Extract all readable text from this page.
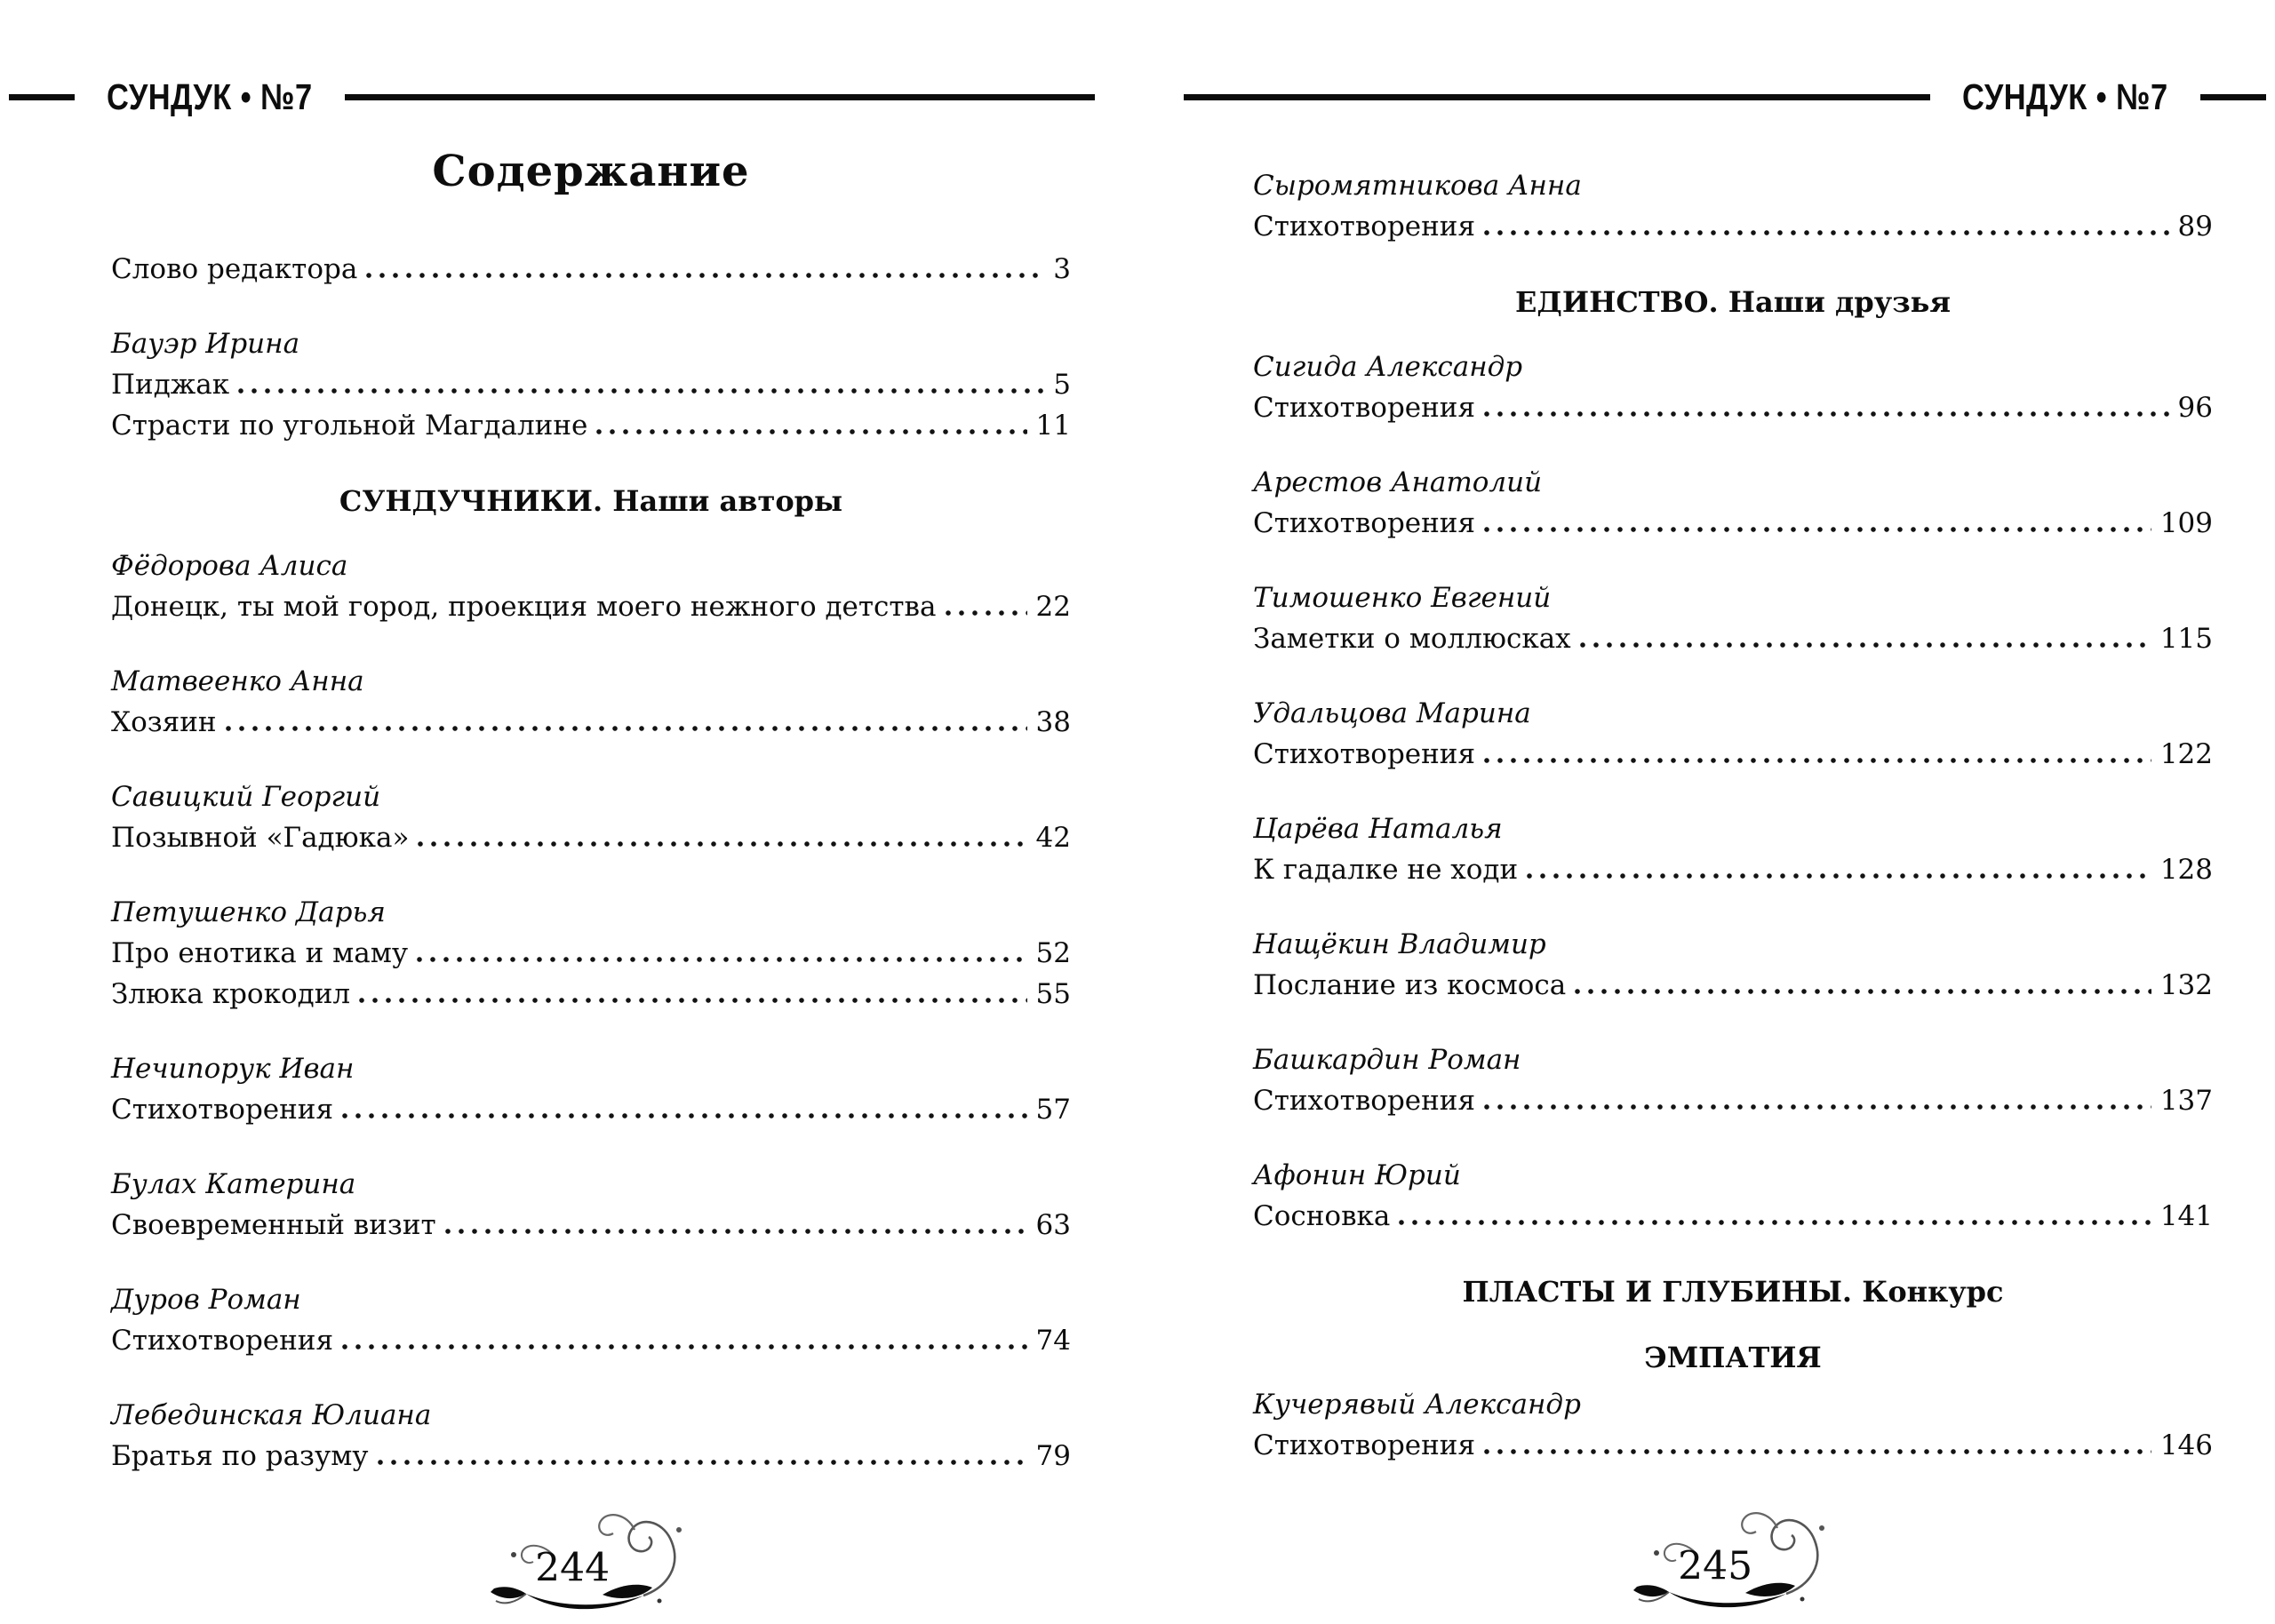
СУНДУК • №7
Содержание
Слово редактора	3
Бауэр Ирина
Пиджак	5
Страсти по угольной Магдалине	11
СУНДУЧНИКИ. Наши авторы
Фёдорова Алиса
Донецк, ты мой город, проекция моего нежного детства	22
Матвеенко Анна
Хозяин	38
Савицкий Георгий
Позывной «Гадюка»	42
Петушенко Дарья
Про енотика и маму	52
Злюка крокодил	55
Нечипорук Иван
Стихотворения	57
Булах Катерина
Своевременный визит	63
Дуров Роман
Стихотворения	74
Лебединская Юлиана
Братья по разуму	79
244
СУНДУК • №7
Сыромятникова Анна
Стихотворения	89
ЕДИНСТВО. Наши друзья
Сигида Александр
Стихотворения	96
Арестов Анатолий
Стихотворения	109
Тимошенко Евгений
Заметки о моллюсках	115
Удальцова Марина
Стихотворения	122
Царёва Наталья
К гадалке не ходи	128
Нащёкин Владимир
Послание из космоса	132
Башкардин Роман
Стихотворения	137
Афонин Юрий
Сосновка	141
ПЛАСТЫ И ГЛУБИНЫ. Конкурс
ЭМПАТИЯ
Кучерявый Александр
Стихотворения	146
245
